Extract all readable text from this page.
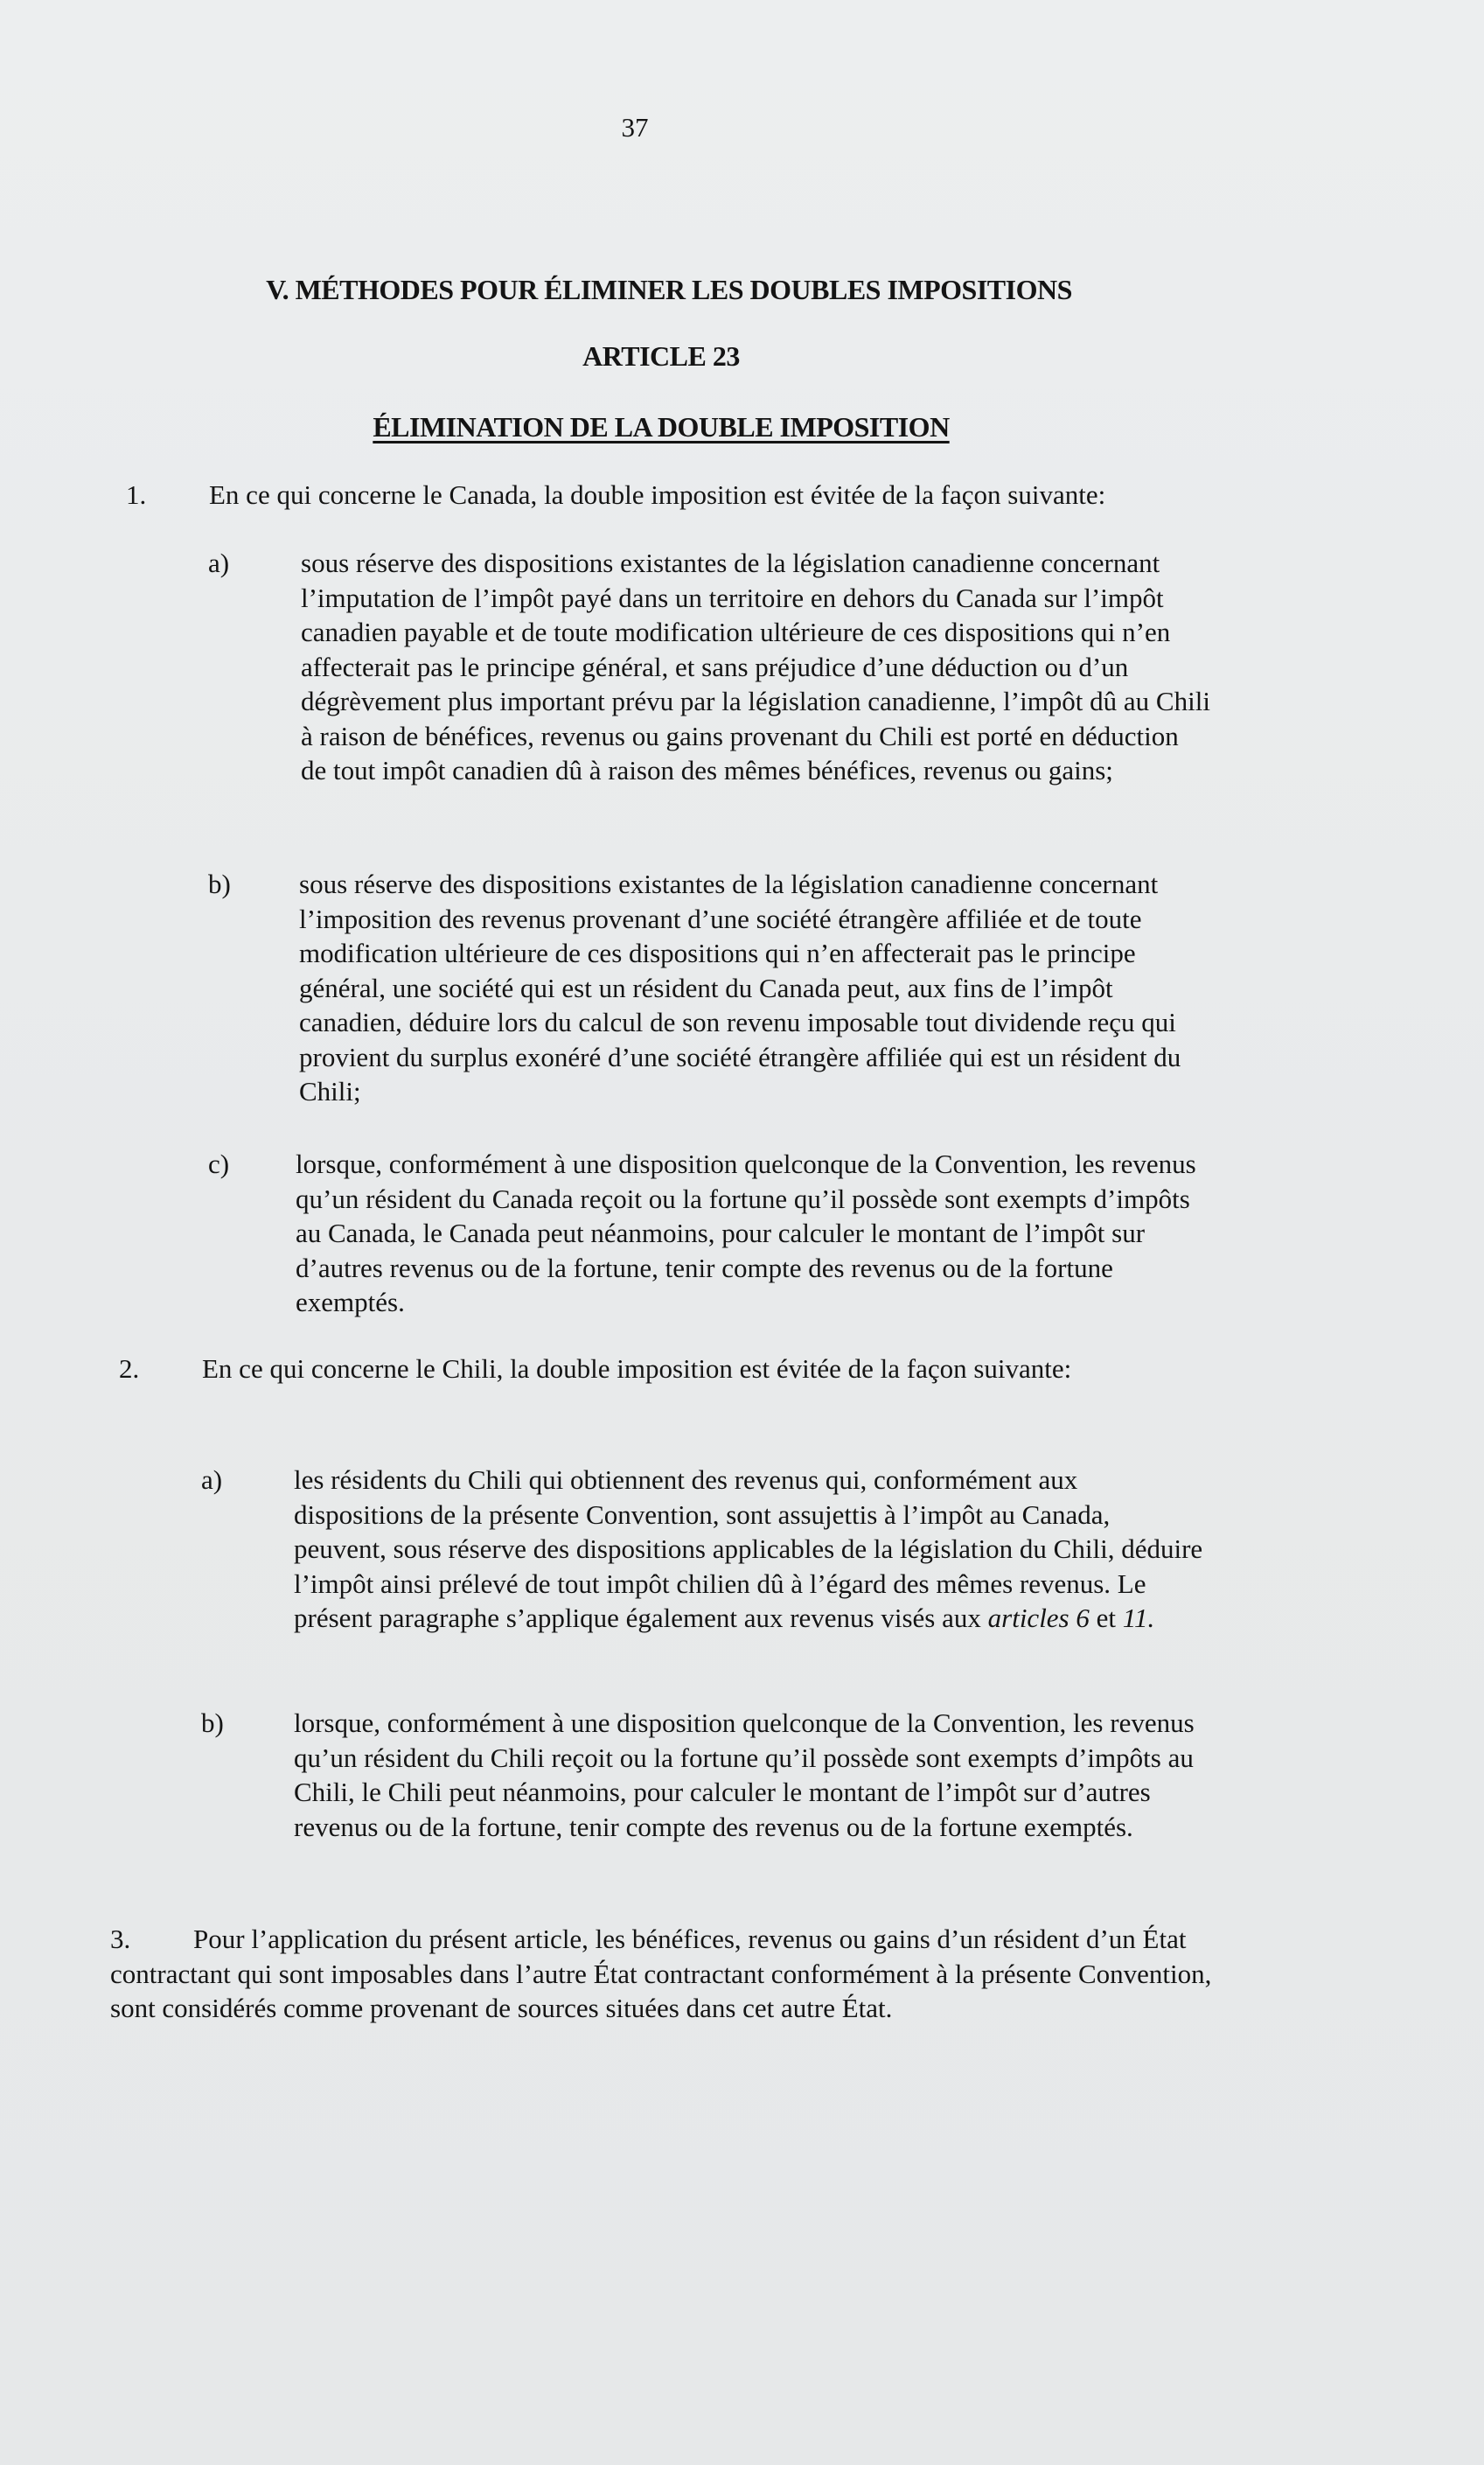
37
V. MÉTHODES POUR ÉLIMINER LES DOUBLES IMPOSITIONS
ARTICLE 23
ÉLIMINATION DE LA DOUBLE IMPOSITION
1. En ce qui concerne le Canada, la double imposition est évitée de la façon suivante:
a)	sous réserve des dispositions existantes de la législation canadienne concernant l’imputation de l’impôt payé dans un territoire en dehors du Canada sur l’impôt canadien payable et de toute modification ultérieure de ces dispositions qui n’en affecterait pas le principe général, et sans préjudice d’une déduction ou d’un dégrèvement plus important prévu par la législation canadienne, l’impôt dû au Chili à raison de bénéfices, revenus ou gains provenant du Chili est porté en déduction de tout impôt canadien dû à raison des mêmes bénéfices, revenus ou gains;
b)	sous réserve des dispositions existantes de la législation canadienne concernant l’imposition des revenus provenant d’une société étrangère affiliée et de toute modification ultérieure de ces dispositions qui n’en affecterait pas le principe général, une société qui est un résident du Canada peut, aux fins de l’impôt canadien, déduire lors du calcul de son revenu imposable tout dividende reçu qui provient du surplus exonéré d’une société étrangère affiliée qui est un résident du Chili;
c) lorsque, conformément à une disposition quelconque de la Convention, les revenus qu’un résident du Canada reçoit ou la fortune qu’il possède sont exempts d’impôts au Canada, le Canada peut néanmoins, pour calculer le montant de l’impôt sur d’autres revenus ou de la fortune, tenir compte des revenus ou de la fortune exemptés.
2. En ce qui concerne le Chili, la double imposition est évitée de la façon suivante:
a)	les résidents du Chili qui obtiennent des revenus qui, conformément aux dispositions de la présente Convention, sont assujettis à l’impôt au Canada, peuvent, sous réserve des dispositions applicables de la législation du Chili, déduire l’impôt ainsi prélevé de tout impôt chilien dû à l’égard des mêmes revenus. Le présent paragraphe s’applique également aux revenus visés aux articles 6 et 11.
b)	lorsque, conformément à une disposition quelconque de la Convention, les revenus qu’un résident du Chili reçoit ou la fortune qu’il possède sont exempts d’impôts au Chili, le Chili peut néanmoins, pour calculer le montant de l’impôt sur d’autres revenus ou de la fortune, tenir compte des revenus ou de la fortune exemptés.
3. Pour l’application du présent article, les bénéfices, revenus ou gains d’un résident d’un État contractant qui sont imposables dans l’autre État contractant conformément à la présente Convention, sont considérés comme provenant de sources situées dans cet autre État.
